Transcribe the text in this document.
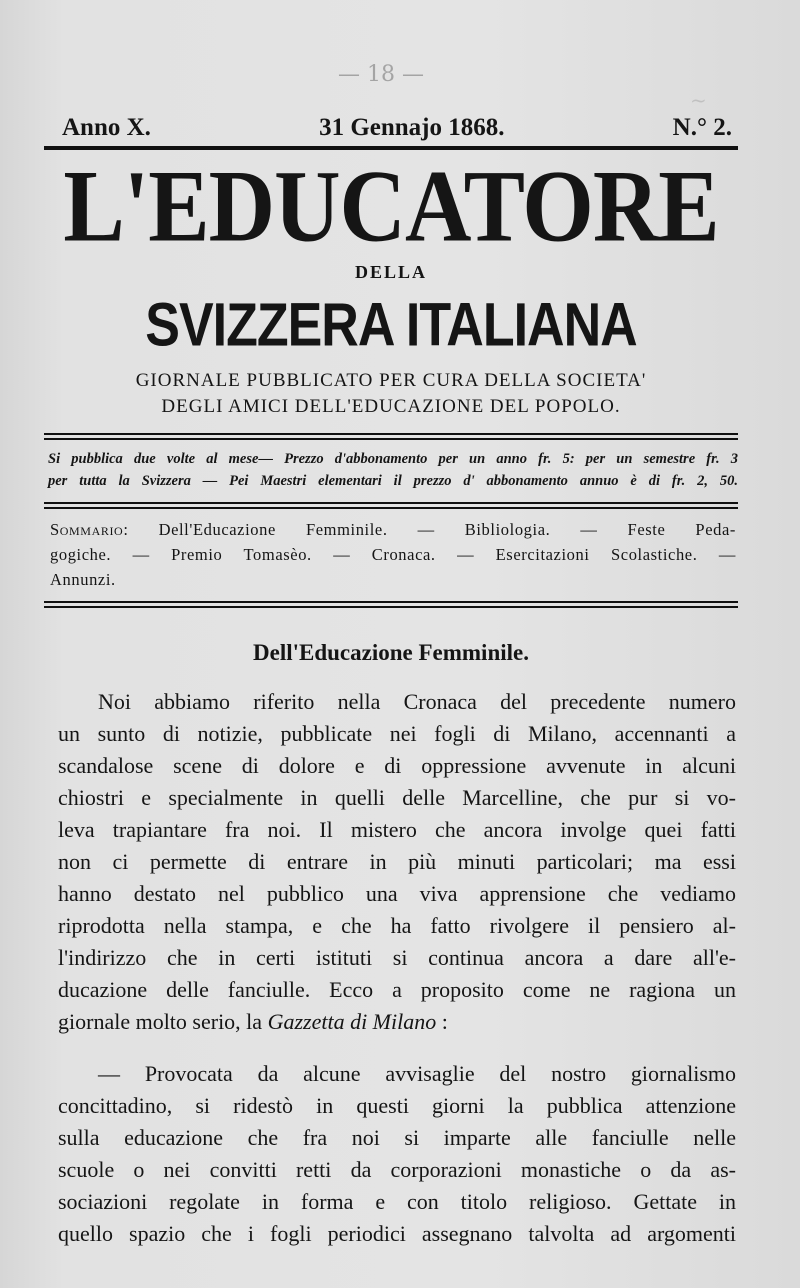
~
— 18 —
Anno X.	31 Gennajo 1868.	N.° 2.
L'EDUCATORE
DELLA
SVIZZERA ITALIANA
GIORNALE PUBBLICATO PER CURA DELLA SOCIETA'
DEGLI AMICI DELL'EDUCAZIONE DEL POPOLO.
Si pubblica due volte al mese— Prezzo d'abbonamento per un anno fr. 5: per un semestre fr. 3
per tutta la Svizzera — Pei Maestri elementari il prezzo d' abbonamento annuo è di fr. 2, 50.
Sommario: Dell'Educazione Femminile. — Bibliologia. — Feste Peda-
gogiche. — Premio Tomasèo. — Cronaca. — Esercitazioni Scolastiche. —
Annunzi.
Dell'Educazione Femminile.
Noi abbiamo riferito nella Cronaca del precedente numero
un sunto di notizie, pubblicate nei fogli di Milano, accennanti a
scandalose scene di dolore e di oppressione avvenute in alcuni
chiostri e specialmente in quelli delle Marcelline, che pur si vo-
leva trapiantare fra noi. Il mistero che ancora involge quei fatti
non ci permette di entrare in più minuti particolari; ma essi
hanno destato nel pubblico una viva apprensione che vediamo
riprodotta nella stampa, e che ha fatto rivolgere il pensiero al-
l'indirizzo che in certi istituti si continua ancora a dare all'e-
ducazione delle fanciulle. Ecco a proposito come ne ragiona un
giornale molto serio, la Gazzetta di Milano :
— Provocata da alcune avvisaglie del nostro giornalismo
concittadino, si ridestò in questi giorni la pubblica attenzione
sulla educazione che fra noi si imparte alle fanciulle nelle
scuole o nei convitti retti da corporazioni monastiche o da as-
sociazioni regolate in forma e con titolo religioso. Gettate in
quello spazio che i fogli periodici assegnano talvolta ad argomenti
